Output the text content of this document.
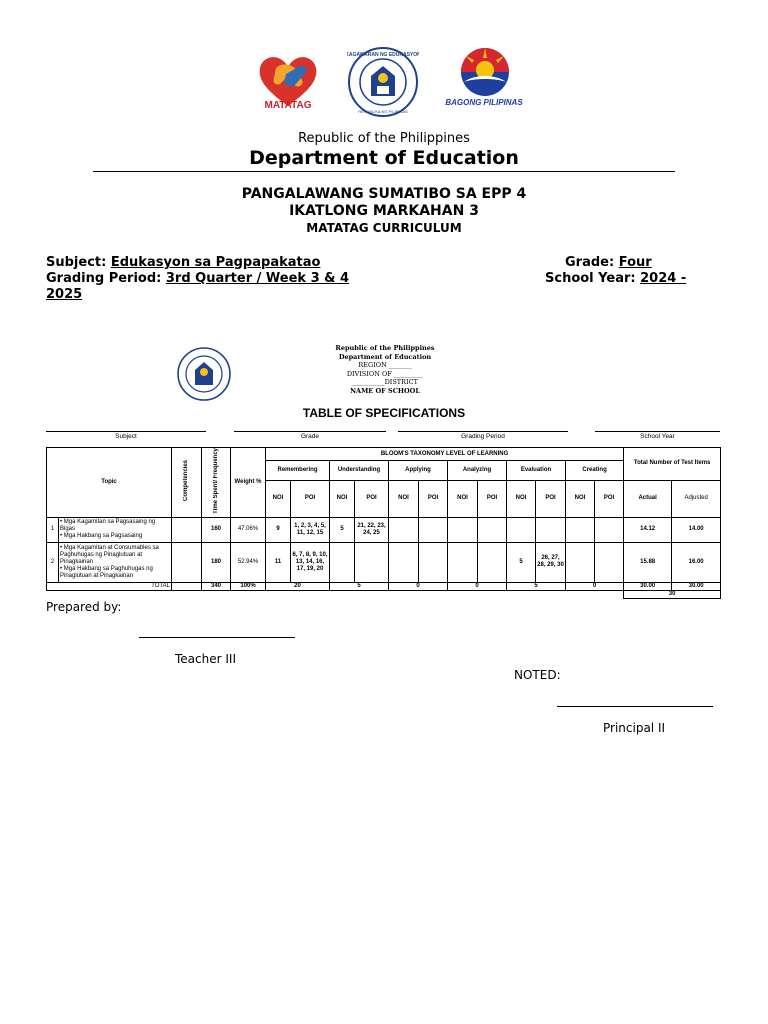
MATATAG
KAGAWARAN NG EDUKASYON
REPUBLIKA NG PILIPINAS
BAGONG PILIPINAS
Republic of the Philippines
Department of Education
PANGALAWANG SUMATIBO SA EPP 4
IKATLONG MARKAHAN 3
MATATAG CURRICULUM
Subject: Edukasyon sa Pagpapakatao	Grade: Four
Grading Period: 3rd Quarter / Week 3 & 4	School Year: 2024 -
2025
Republic of the Philippines
Department of Education
REGION _______
DIVISION OF _________
__________DISTRICT
NAME OF SCHOOL
TABLE OF SPECIFICATIONS
Subject	Grade	Grading Period	School Year
Topic		Competencies	Time Spent/ Frequency	Weight %	BLOOM'S TAXONOMY LEVEL OF LEARNING												Total Number of Test Items	
					Remembering		Understanding		Applying		Analyzing		Evaluation		Creating			
					NOI	POI	NOI	POI	NOI	POI	NOI	POI	NOI	POI	NOI	POI	Actual	Adjusted
1	• Mga Kagamitan sa Pagsasaing ng Bigas
• Mga Hakbang sa Pagsasaing		160	47.06%	9	1, 2, 3, 4, 5, 11, 12, 15	5	21, 22, 23, 24, 25									14.12	14.00
2	• Mga Kagamitan at Consumables sa Paghuhugas ng Pinaglutuan at Pinagkainan
• Mga Hakbang sa Paghuhugas ng Pinaglutuan at Pinagkainan		180	52.94%	11	6, 7, 8, 9, 10, 13, 14, 16, 17, 19, 20							5	26, 27, 28, 29, 30			15.88	16.00
TOTAL			340	100%	20		5		0		0		5		0		30.00	30.00
																	30	
Prepared by:
Teacher III
NOTED:
Principal II
